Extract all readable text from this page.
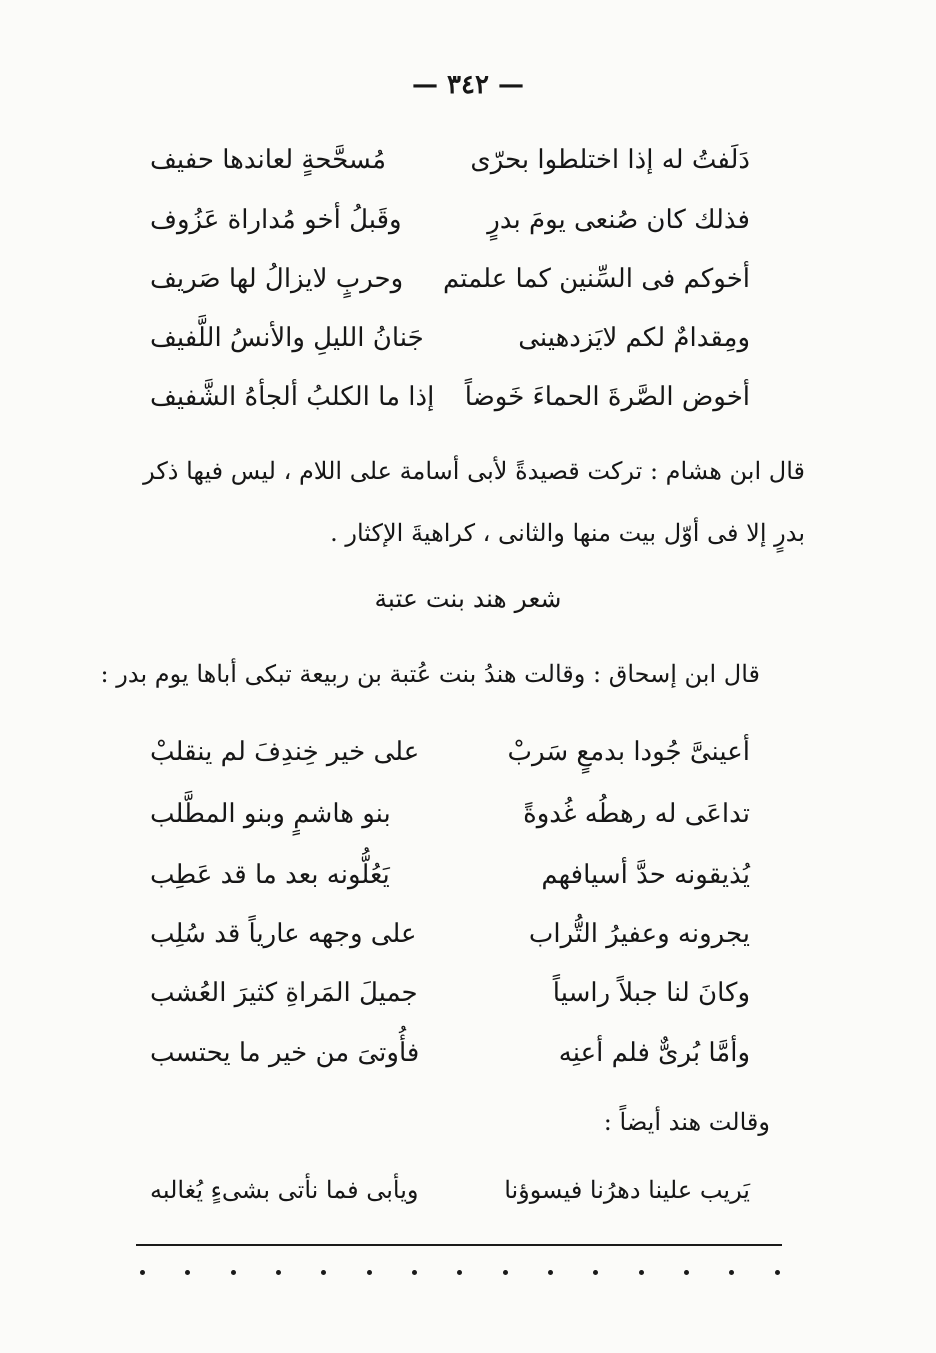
— ٣٤٢ —
دَلَفتُ له إذا اختلطوا بحرّى
مُسحَّحةٍ لعاندها حفيف
فذلك كان صُنعى يومَ بدرٍ
وقَبلُ أخو مُداراة عَزُوف
أخوكم فى السِّنين كما علمتم
وحربٍ لايزالُ لها صَريف
ومِقدامٌ لكم لايَزدهينى
جَنانُ الليلِ والأنسُ اللَّفيف
أخوض الصَّرةَ الحماءَ خَوضاً
إذا ما الكلبُ ألجأهُ الشَّفيف
قال ابن هشام : تركت قصيدةً لأبى أسامة على اللام ، ليس فيها ذكر
بدرٍ إلا فى أوّل بيت منها والثانى ، كراهيةَ الإكثار .
شعر هند بنت عتبة
قال ابن إسحاق : وقالت هندُ بنت عُتبة بن ربيعة تبكى أباها يوم بدر :
أعينىَّ جُودا بدمعٍ سَربْ
على خير خِندِفَ لم ينقلبْ
تداعَى له رهطُه غُدوةً
بنو هاشمٍ وبنو المطَّلب
يُذيقونه حدَّ أسيافهم
يَعُلُّونه بعد ما قد عَطِب
يجرونه وعفيرُ التُّراب
على وجهه عارياً قد سُلِب
وكانَ لنا جبلاً راسياً
جميلَ المَراةِ كثيرَ العُشب
وأمَّا بُرىٌّ فلم أعنِه
فأُوتىَ من خير ما يحتسب
وقالت هند أيضاً :
يَريب علينا دهرُنا فيسوؤنا
ويأبى فما نأتى بشىءٍ يُغالبه
